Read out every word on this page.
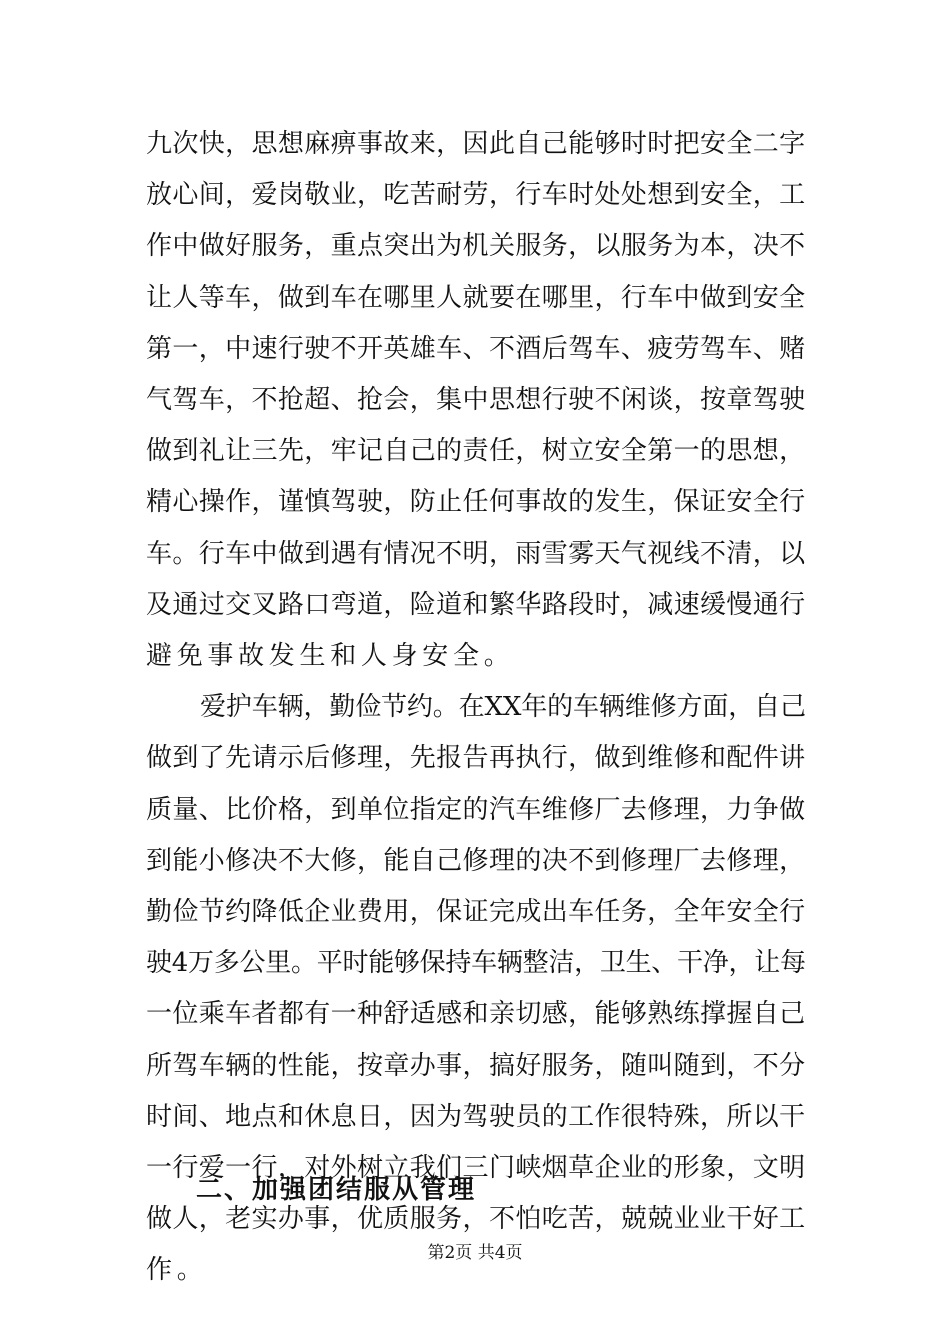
九次快，思想麻痹事故来，因此自己能够时时把安全二字
放心间，爱岗敬业，吃苦耐劳，行车时处处想到安全，工
作中做好服务，重点突出为机关服务，以服务为本，决不
让人等车，做到车在哪里人就要在哪里，行车中做到安全
第一，中速行驶不开英雄车、不酒后驾车、疲劳驾车、赌
气驾车，不抢超、抢会，集中思想行驶不闲谈，按章驾驶
做到礼让三先，牢记自己的责任，树立安全第一的思想，
精心操作，谨慎驾驶，防止任何事故的发生，保证安全行
车。行车中做到遇有情况不明，雨雪雾天气视线不清，以
及通过交叉路口弯道，险道和繁华路段时，减速缓慢通行
避免事故发生和人身安全。
爱护车辆，勤俭节约。在XX年的车辆维修方面，自己
做到了先请示后修理，先报告再执行，做到维修和配件讲
质量、比价格，到单位指定的汽车维修厂去修理，力争做
到能小修决不大修，能自己修理的决不到修理厂去修理，
勤俭节约降低企业费用，保证完成出车任务，全年安全行
驶4万多公里。平时能够保持车辆整洁，卫生、干净，让每
一位乘车者都有一种舒适感和亲切感，能够熟练撑握自己
所驾车辆的性能，按章办事，搞好服务，随叫随到，不分
时间、地点和休息日，因为驾驶员的工作很特殊，所以干
一行爱一行，对外树立我们三门峡烟草企业的形象，文明
做人，老实办事，优质服务，不怕吃苦，兢兢业业干好工
作。
二、加强团结服从管理
第2页 共4页
